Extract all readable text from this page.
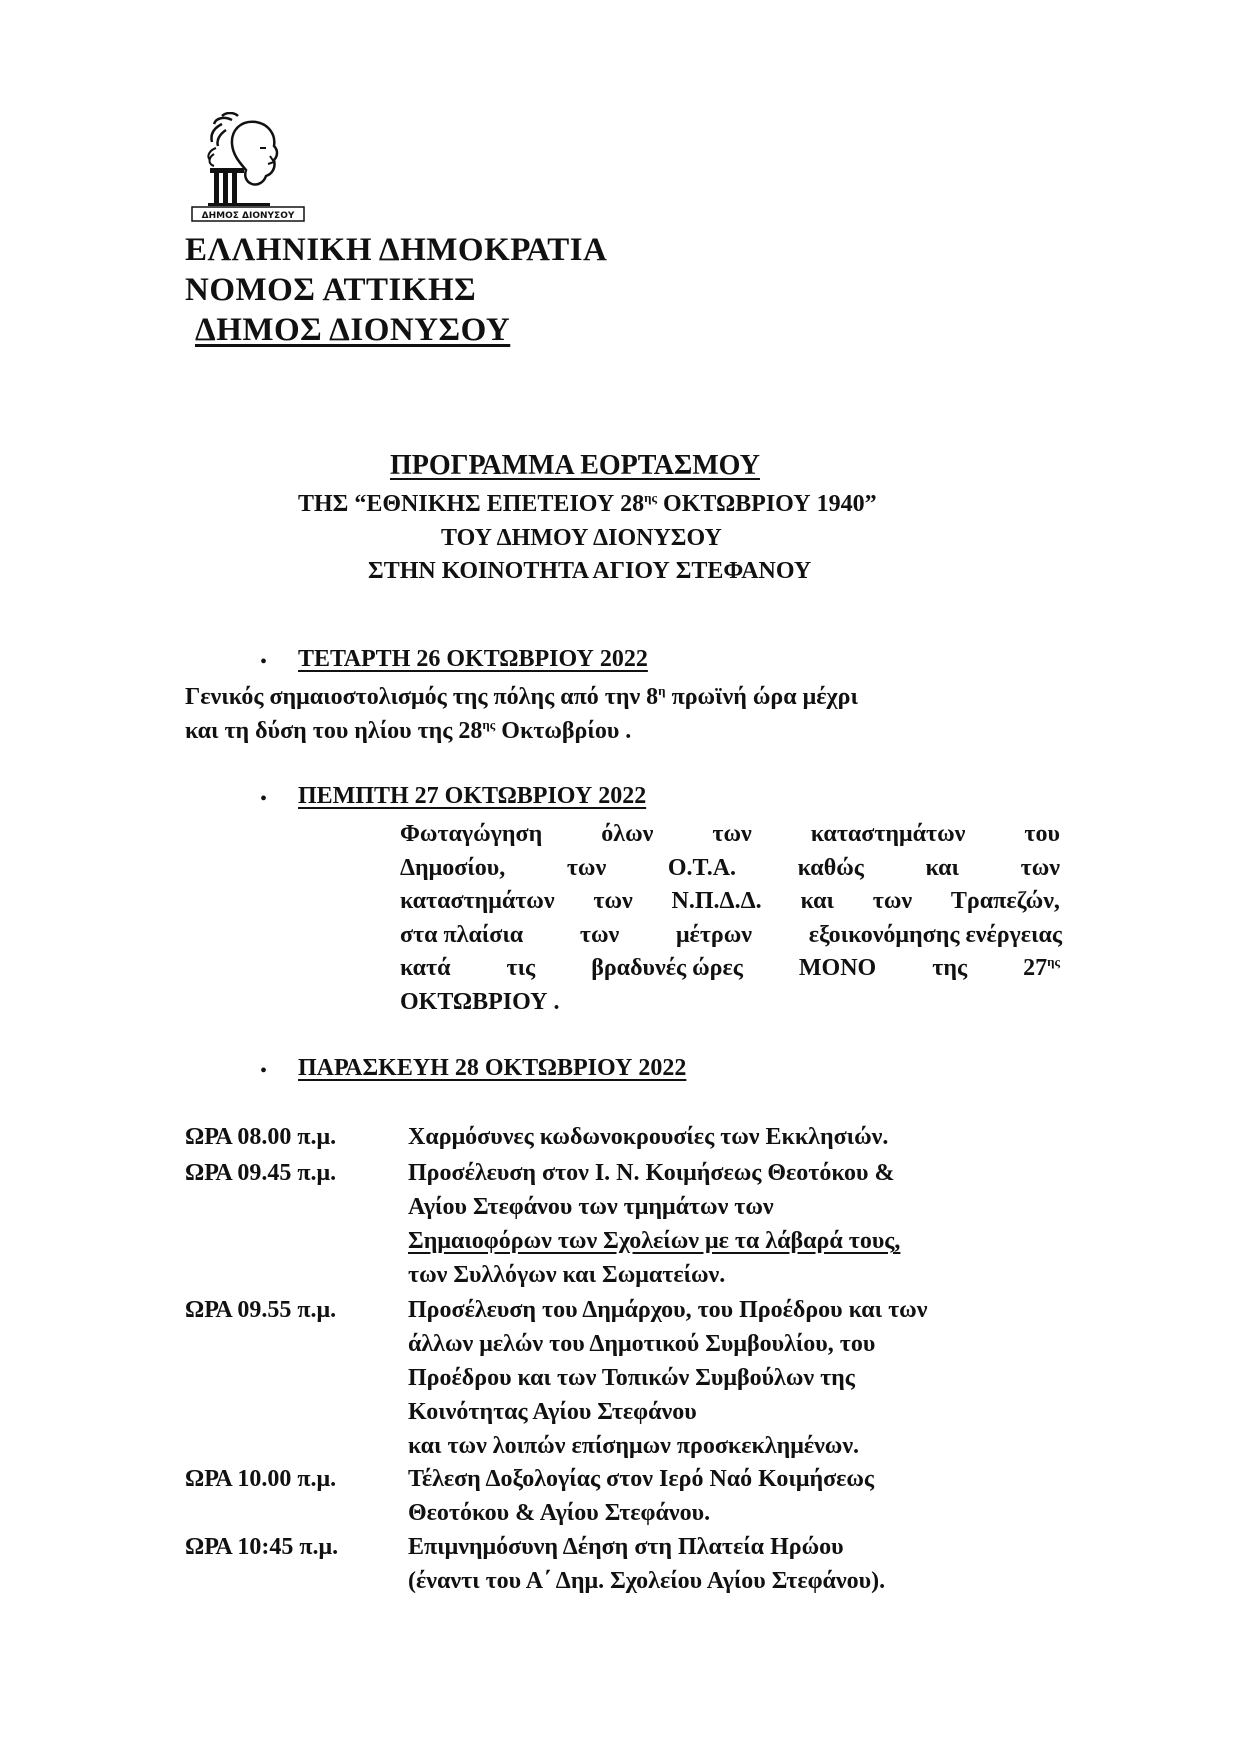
ΔΗΜΟΣ ΔΙΟΝΥΣΟΥ
ΕΛΛΗΝΙΚΗ ΔΗΜΟΚΡΑΤΙΑ
ΝΟΜΟΣ ΑΤΤΙΚΗΣ
ΔΗΜΟΣ ΔΙΟΝΥΣΟΥ
ΠΡΟΓΡΑΜΜΑ ΕΟΡΤΑΣΜΟΥ
ΤΗΣ “ΕΘΝΙΚΗΣ ΕΠΕΤΕΙΟΥ $28^{\eta\varsigma}$ ΟΚΤΩΒΡΙΟΥ 1940”
ΤΟΥ ΔΗΜΟΥ ΔΙΟΝΥΣΟΥ
ΣΤΗΝ ΚΟΙΝΟΤΗΤΑ ΑΓΙΟΥ ΣΤΕΦΑΝΟΥ
• ΤΕΤΑΡΤΗ 26 ΟΚΤΩΒΡΙΟΥ 2022
Γενικός σημαιοστολισμός της πόλης από την $8^\eta$ πρωϊνή ώρα μέχρι
και τη δύση του ηλίου της $28^{\eta\varsigma}$ Οκτωβρίου .
• ΠΕΜΠΤΗ 27 ΟΚΤΩΒΡΙΟΥ 2022
Φωταγώγηση όλων των καταστημάτων του
Δημοσίου,	των	Ο.Τ.Α.	καθώς	και	των
καταστημάτων των Ν.Π.Δ.Δ. και των Τραπεζών,
στα πλαίσια των μέτρων εξοικονόμησης ενέργειας
κατά τις βραδυνές ώρες ΜΟΝΟ της $27^{\eta\varsigma}$
ΟΚΤΩΒΡΙΟΥ .
• ΠΑΡΑΣΚΕΥΗ 28 ΟΚΤΩΒΡΙΟΥ 2022
ΩΡΑ 08.00 π.μ.	Χαρμόσυνες κωδωνοκρουσίες των Εκκλησιών.
ΩΡΑ 09.45 π.μ.	Προσέλευση στον Ι. Ν. Κοιμήσεως Θεοτόκου &
Αγίου Στεφάνου των τμημάτων των
Σημαιοφόρων των Σχολείων με τα λάβαρά τους,
των Συλλόγων και Σωματείων.
ΩΡΑ 09.55 π.μ.	Προσέλευση του Δημάρχου, του Προέδρου και των
άλλων μελών του Δημοτικού Συμβουλίου, του
Προέδρου και των Τοπικών Συμβούλων της
Κοινότητας Αγίου Στεφάνου
και των λοιπών επίσημων προσκεκλημένων.
ΩΡΑ 10.00 π.μ.	Τέλεση Δοξολογίας στον Ιερό Ναό Κοιμήσεως
Θεοτόκου & Αγίου Στεφάνου.
ΩΡΑ 10:45 π.μ.	Επιμνημόσυνη Δέηση στη Πλατεία Ηρώου
(έναντι του Α΄ Δημ. Σχολείου Αγίου Στεφάνου).
